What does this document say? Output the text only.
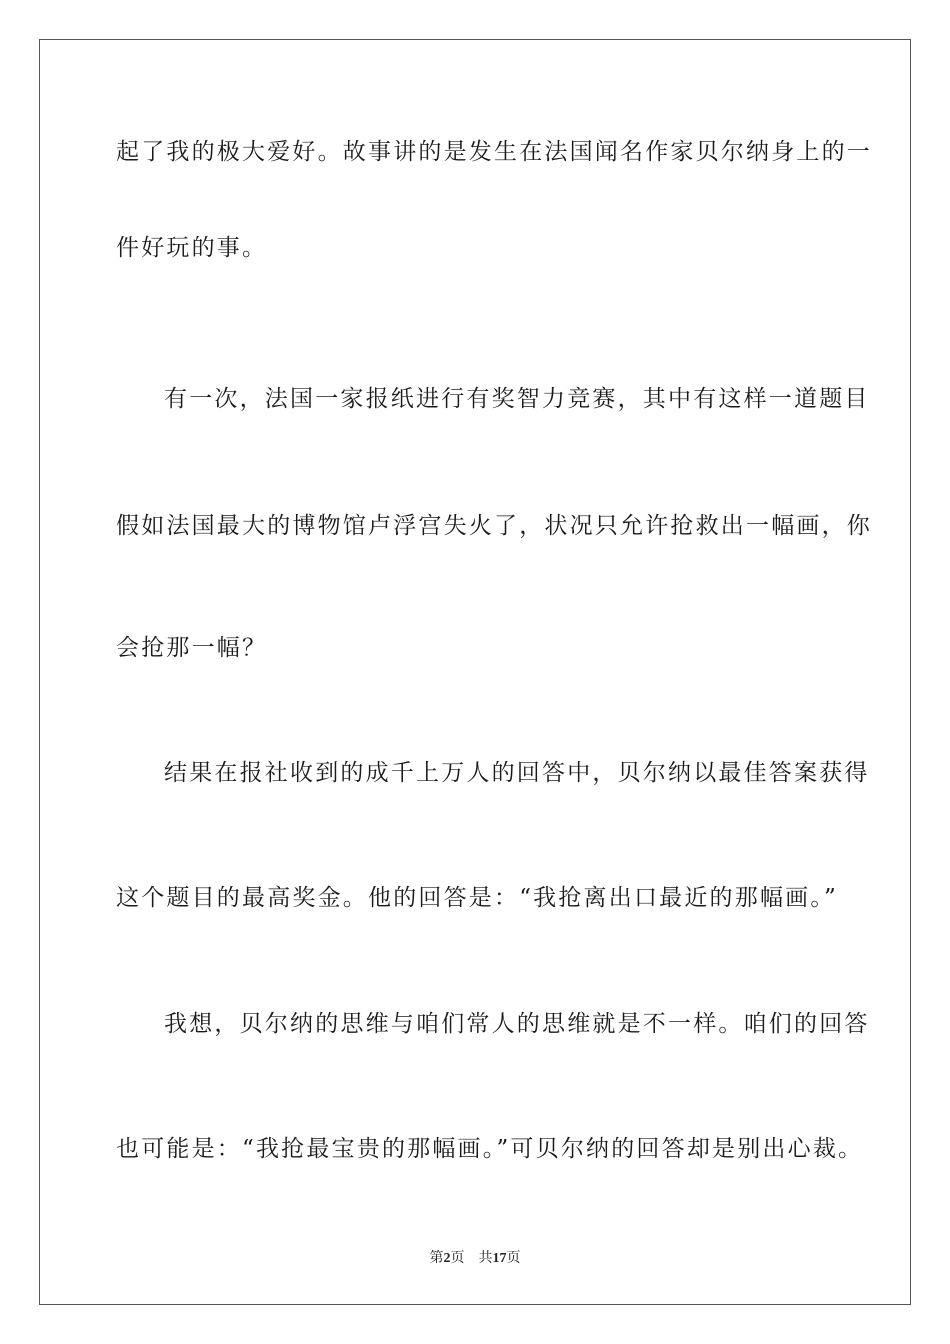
起了我的极大爱好。故事讲的是发生在法国闻名作家贝尔纳身上的一
件好玩的事。
有一次，法国一家报纸进行有奖智力竞赛，其中有这样一道题目
假如法国最大的博物馆卢浮宫失火了，状况只允许抢救出一幅画，你
会抢那一幅？
结果在报社收到的成千上万人的回答中，贝尔纳以最佳答案获得
这个题目的最高奖金。他的回答是：“我抢离出口最近的那幅画。”
我想，贝尔纳的思维与咱们常人的思维就是不一样。咱们的回答
也可能是：“我抢最宝贵的那幅画。”可贝尔纳的回答却是别出心裁。
第2页 共17页
